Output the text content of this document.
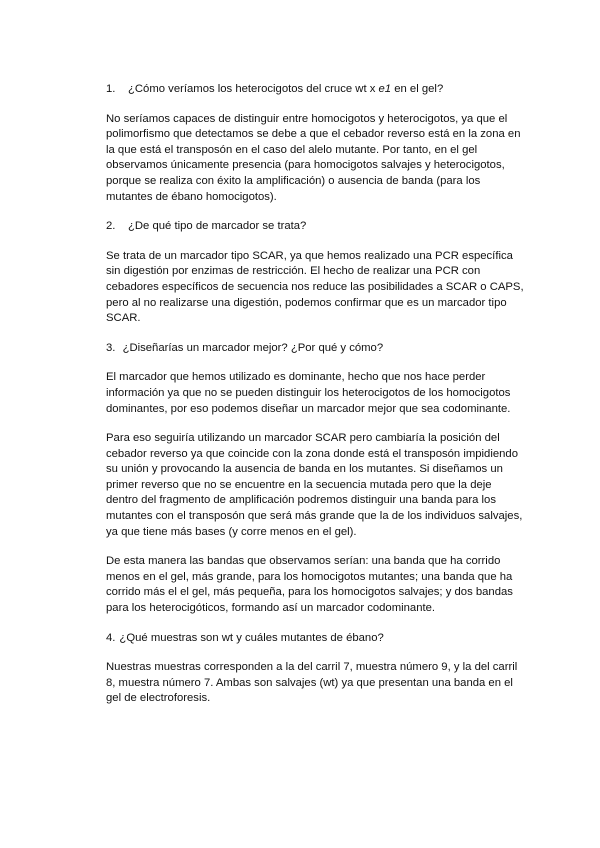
1. ¿Cómo veríamos los heterocigotos del cruce wt x e1 en el gel?
No seríamos capaces de distinguir entre homocigotos y heterocigotos, ya que el polimorfismo que detectamos se debe a que el cebador reverso está en la zona en la que está el transposón en el caso del alelo mutante. Por tanto, en el gel observamos únicamente presencia (para homocigotos salvajes y heterocigotos, porque se realiza con éxito la amplificación) o ausencia de banda (para los mutantes de ébano homocigotos).
2. ¿De qué tipo de marcador se trata?
Se trata de un marcador tipo SCAR, ya que hemos realizado una PCR específica sin digestión por enzimas de restricción. El hecho de realizar una PCR con cebadores específicos de secuencia nos reduce las posibilidades a SCAR o CAPS, pero al no realizarse una digestión, podemos confirmar que es un marcador tipo SCAR.
3. ¿Diseñarías un marcador mejor? ¿Por qué y cómo?
El marcador que hemos utilizado es dominante, hecho que nos hace perder información ya que no se pueden distinguir los heterocigotos de los homocigotos dominantes, por eso podemos diseñar un marcador mejor que sea codominante.
Para eso seguiría utilizando un marcador SCAR pero cambiaría la posición del cebador reverso ya que coincide con la zona donde está el transposón impidiendo su unión y provocando la ausencia de banda en los mutantes. Si diseñamos un primer reverso que no se encuentre en la secuencia mutada pero que la deje dentro del fragmento de amplificación podremos distinguir una banda para los mutantes con el transposón que será más grande que la de los individuos salvajes, ya que tiene más bases (y corre menos en el gel).
De esta manera las bandas que observamos serían: una banda que ha corrido menos en el gel, más grande, para los homocigotos mutantes; una banda que ha corrido más el el gel, más pequeña, para los homocigotos salvajes; y dos bandas para los heterocigóticos, formando así un marcador codominante.
4. ¿Qué muestras son wt y cuáles mutantes de ébano?
Nuestras muestras corresponden a la del carril 7, muestra número 9, y la del carril 8, muestra número 7. Ambas son salvajes (wt) ya que presentan una banda en el gel de electroforesis.
